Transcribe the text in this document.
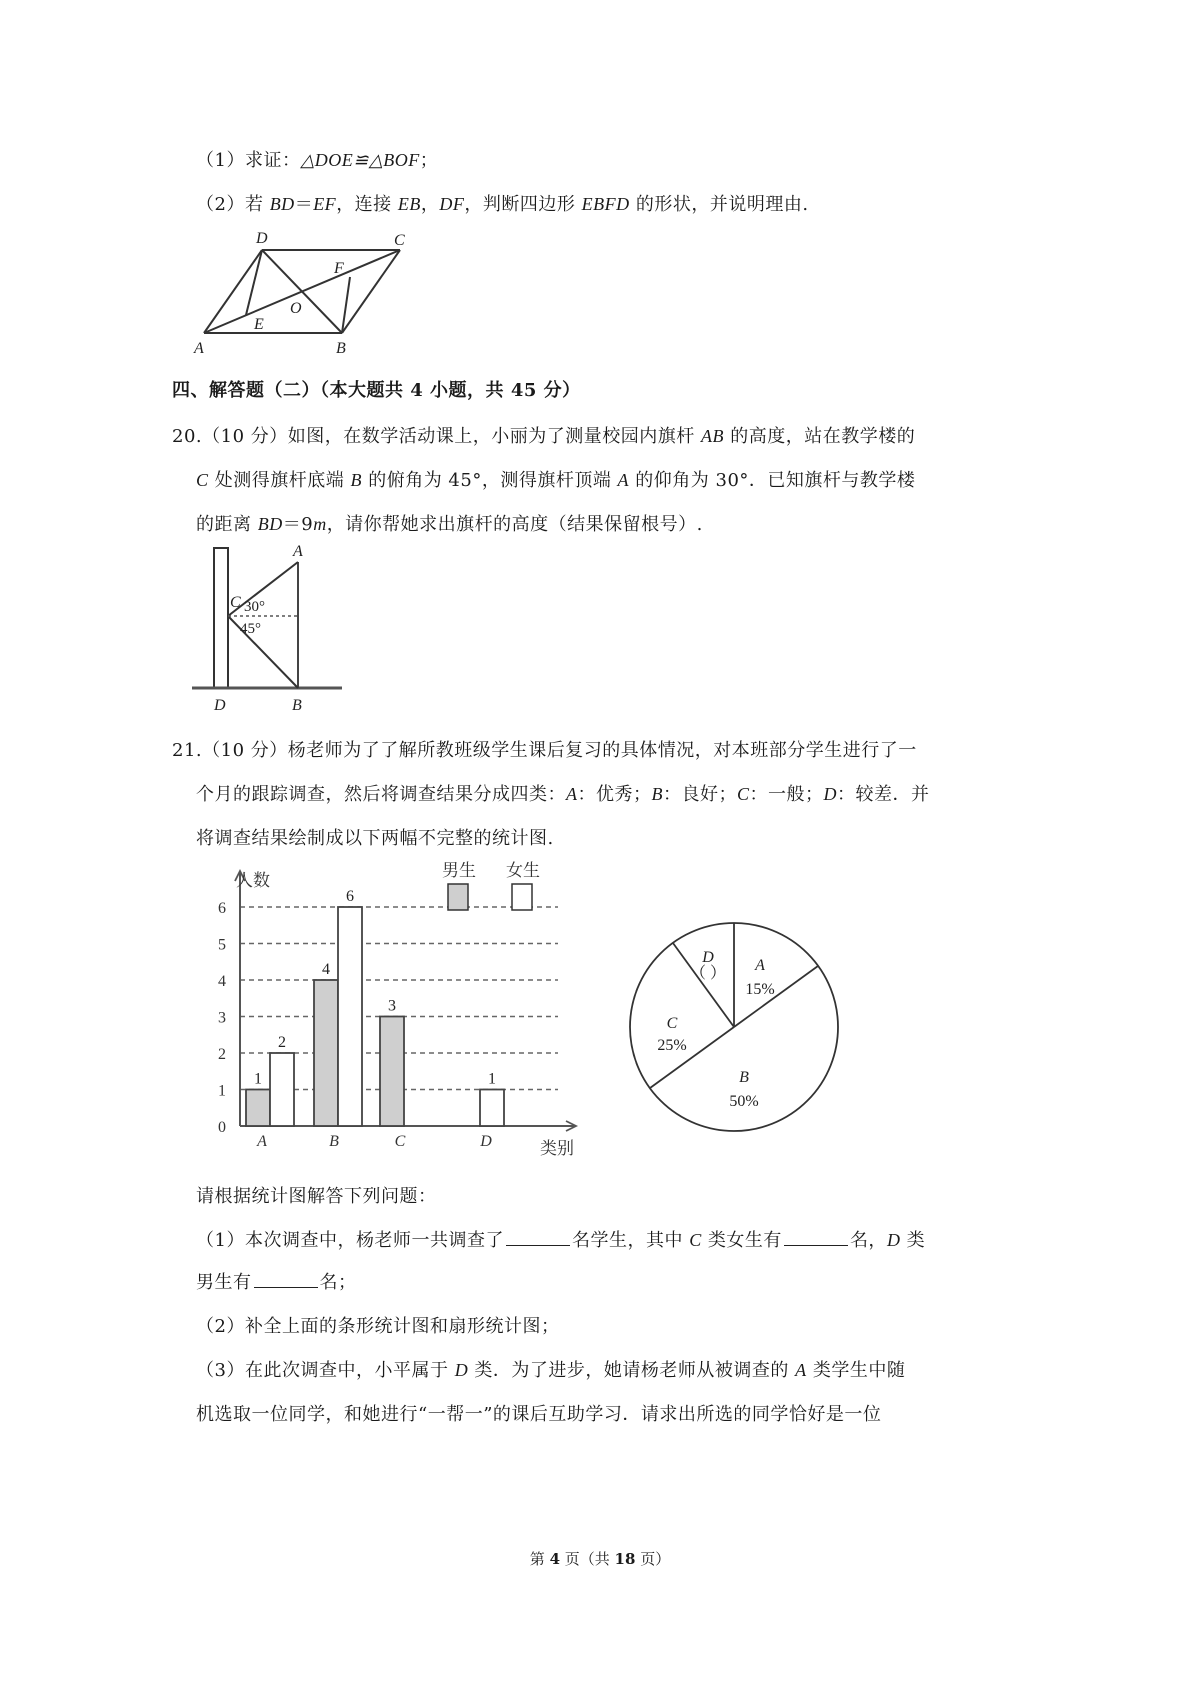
（1）求证：△DOE≌△BOF；
（2）若 BD＝EF，连接 EB，DF，判断四边形 EBFD 的形状，并说明理由.
D	C
F
O
E
A	B
四、解答题（二）（本大题共 4 小题，共 45 分）
20.（10 分）如图，在数学活动课上，小丽为了测量校园内旗杆 AB 的高度，站在教学楼的
C 处测得旗杆底端 B 的俯角为 45°，测得旗杆顶端 A 的仰角为 30°．已知旗杆与教学楼
的距离 BD＝9m，请你帮她求出旗杆的高度（结果保留根号）.
A
C 30°
45°
D	B
21.（10 分）杨老师为了了解所教班级学生课后复习的具体情况，对本班部分学生进行了一
个月的跟踪调查，然后将调查结果分成四类：A：优秀；B：良好；C：一般；D：较差．并
将调查结果绘制成以下两幅不完整的统计图.
0
1
2
3
4
5
6
人数
类别
1
2
A
4
6
B
3
C
1
D
男生 女生
A
15%
B
50%
C
25%
D
（ ）
请根据统计图解答下列问题：
（1）本次调查中，杨老师一共调查了	名学生，其中 C 类女生有	名，D 类
男生有	名；
（2）补全上面的条形统计图和扇形统计图；
（3）在此次调查中，小平属于 D 类．为了进步，她请杨老师从被调查的 A 类学生中随
机选取一位同学，和她进行“一帮一”的课后互助学习．请求出所选的同学恰好是一位
第 4 页（共 18 页）
